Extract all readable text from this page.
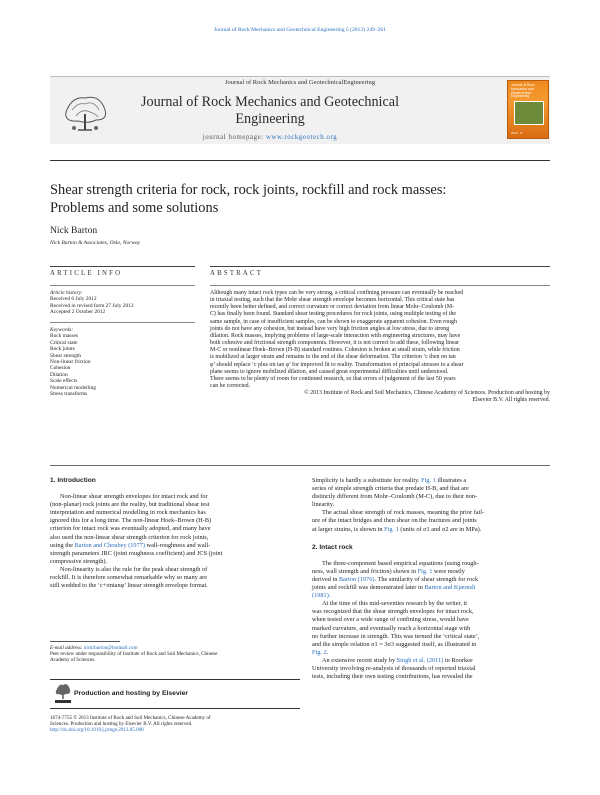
Journal of Rock Mechanics and Geotechnical Engineering 5 (2013) 249–261
Journal of Rock Mechanics and GeotechnicalEngineering
Journal of Rock Mechanics and Geotechnical
Engineering
journal homepage: www.rockgeotech.org
Journal of Rock Mechanics and Geotechnical Engineering
2013 · 5
Shear strength criteria for rock, rock joints, rockfill and rock masses:
Problems and some solutions
Nick Barton
Nick Barton & Associates, Oslo, Norway
ARTICLE INFO	ABSTRACT
Article history:
Received 6 July 2012
Received in revised form 27 July 2012
Accepted 2 October 2012
Keywords:
Rock masses
Critical state
Rock joints
Shear strength
Non-linear friction
Cohesion
Dilation
Scale effects
Numerical modelling
Stress transforms
Although many intact rock types can be very strong, a critical confining pressure can eventually be reached
in triaxial testing, such that the Mohr shear strength envelope becomes horizontal. This critical state has
recently been better defined, and correct curvature or correct deviation from linear Mohr–Coulomb (M-
C) has finally been found. Standard shear testing procedures for rock joints, using multiple testing of the
same sample, in case of insufficient samples, can be shown to exaggerate apparent cohesion. Even rough
joints do not have any cohesion, but instead have very high friction angles at low stress, due to strong
dilation. Rock masses, implying problems of large-scale interaction with engineering structures, may have
both cohesive and frictional strength components. However, it is not correct to add these, following linear
M-C or nonlinear Hoek–Brown (H-B) standard routines. Cohesion is broken at small strain, while friction
is mobilized at larger strain and remains to the end of the shear deformation. The criterion ‘c then σn tan
φ’ should replace ‘c plus σn tan φ’ for improved fit to reality. Transformation of principal stresses to a shear
plane seems to ignore mobilized dilation, and caused great experimental difficulties until understood.
There seems to be plenty of room for continued research, so that errors of judgement of the last 50 years
can be corrected.
© 2013 Institute of Rock and Soil Mechanics, Chinese Academy of Sciences. Production and hosting by
Elsevier B.V. All rights reserved.
1. Introduction
Non-linear shear strength envelopes for intact rock and for
(non-planar) rock joints are the reality, but traditional shear test
interpretation and numerical modelling in rock mechanics has
ignored this for a long time. The non-linear Hoek–Brown (H-B)
criterion for intact rock was eventually adopted, and many have
also used the non-linear shear strength criterion for rock joints,
using the Barton and Choubey (1977) wall-roughness and wall-
strength parameters JRC (joint roughness coefficient) and JCS (joint
compressive strength).
Non-linearity is also the rule for the peak shear strength of
rockfill. It is therefore somewhat remarkable why so many are
still wedded to the ‘c+σntanφ’ linear strength envelope format.
E-mail address: nickrbarton@hotmail.com
Peer review under responsibility of Institute of Rock and Soil Mechanics, Chinese
Academy of Sciences.
Production and hosting by Elsevier
1674-7755 © 2013 Institute of Rock and Soil Mechanics, Chinese Academy of
Sciences. Production and hosting by Elsevier B.V. All rights reserved.
http://dx.doi.org/10.1016/j.jrmge.2013.05.008
Simplicity is hardly a substitute for reality. Fig. 1 illustrates a
series of simple strength criteria that predate H-B, and that are
distinctly different from Mohr–Coulomb (M-C), due to their non-
linearity.
The actual shear strength of rock masses, meaning the prior fail-
ure of the intact bridges and then shear on the fractures and joints
at larger strains, is shown in Fig. 1 (units of σ1 and σ2 are in MPa).
2. Intact rock
The three-component based empirical equations (using rough-
ness, wall strength and friction) shown in Fig. 1 were mostly
derived in Barton (1976). The similarity of shear strength for rock
joints and rockfill was demonstrated later in Barton and Kjærnsli
(1981).
At the time of this mid-seventies research by the writer, it
was recognized that the shear strength envelopes for intact rock,
when tested over a wide range of confining stress, would have
marked curvature, and eventually reach a horizontal stage with
no further increase in strength. This was termed the ‘critical state’,
and the simple relation σ1 = 3σ3 suggested itself, as illustrated in
Fig. 2.
An extensive recent study by Singh et al. (2011) in Roorkee
University involving re-analysis of thousands of reported triaxial
tests, including their own testing contributions, has revealed the
